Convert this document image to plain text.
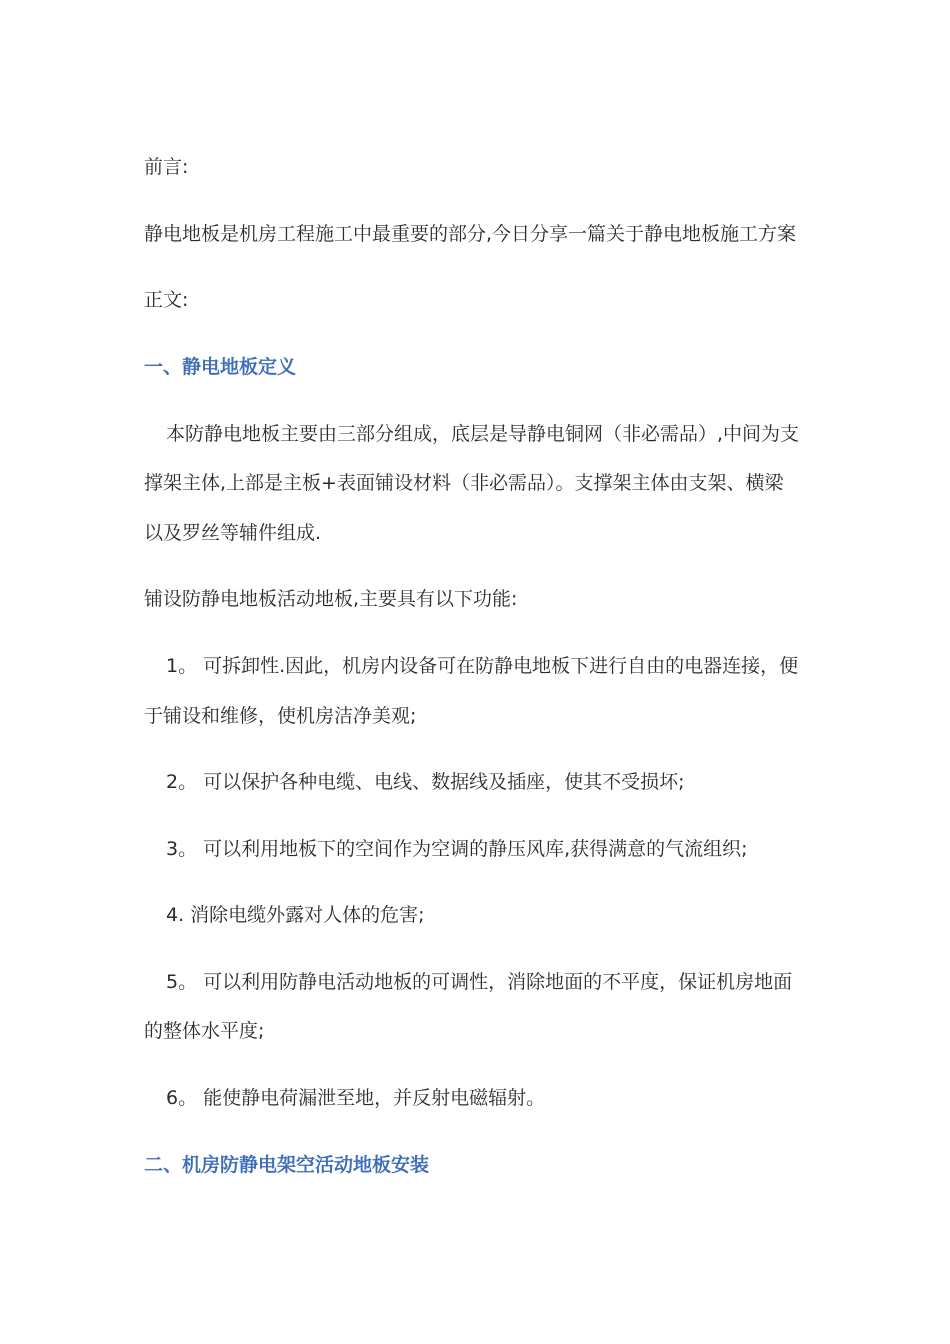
前言:
静电地板是机房工程施工中最重要的部分,今日分享一篇关于静电地板施工方案
正文:
一、静电地板定义
本防静电地板主要由三部分组成，底层是导静电铜网（非必需品）,中间为支
撑架主体,上部是主板+表面铺设材料（非必需品）。支撑架主体由支架、横梁
以及罗丝等辅件组成.
铺设防静电地板活动地板,主要具有以下功能:
1。 可拆卸性.因此，机房内设备可在防静电地板下进行自由的电器连接，便
于铺设和维修，使机房洁净美观;
2。 可以保护各种电缆、电线、数据线及插座，使其不受损坏;
3。 可以利用地板下的空间作为空调的静压风库,获得满意的气流组织;
4. 消除电缆外露对人体的危害;
5。 可以利用防静电活动地板的可调性，消除地面的不平度，保证机房地面
的整体水平度;
6。 能使静电荷漏泄至地，并反射电磁辐射。
二、机房防静电架空活动地板安装
